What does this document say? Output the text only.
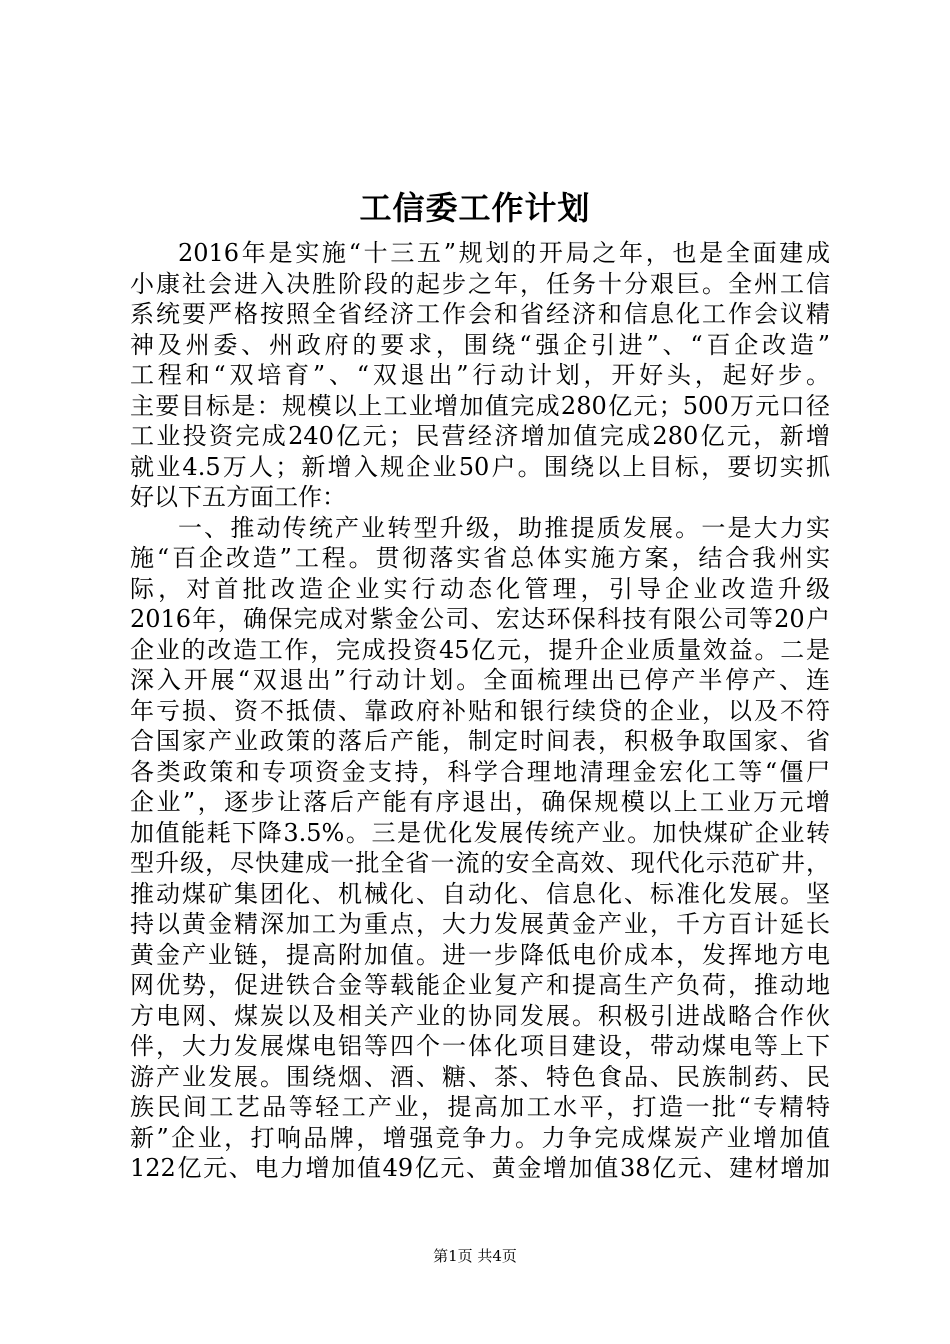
工信委工作计划
2016年是实施“十三五”规划的开局之年，也是全面建成
小康社会进入决胜阶段的起步之年，任务十分艰巨。全州工信
系统要严格按照全省经济工作会和省经济和信息化工作会议精
神及州委、州政府的要求，围绕“强企引进”、“百企改造”
工程和“双培育”、“双退出”行动计划，开好头，起好步。
主要目标是：规模以上工业增加值完成280亿元；500万元口径
工业投资完成240亿元；民营经济增加值完成280亿元，新增
就业4.5万人；新增入规企业50户。围绕以上目标，要切实抓
好以下五方面工作：
一、推动传统产业转型升级，助推提质发展。一是大力实
施“百企改造”工程。贯彻落实省总体实施方案，结合我州实
际，对首批改造企业实行动态化管理，引导企业改造升级
2016年，确保完成对紫金公司、宏达环保科技有限公司等20户
企业的改造工作，完成投资45亿元，提升企业质量效益。二是
深入开展“双退出”行动计划。全面梳理出已停产半停产、连
年亏损、资不抵债、靠政府补贴和银行续贷的企业，以及不符
合国家产业政策的落后产能，制定时间表，积极争取国家、省
各类政策和专项资金支持，科学合理地清理金宏化工等“僵尸
企业”，逐步让落后产能有序退出，确保规模以上工业万元增
加值能耗下降3.5%。三是优化发展传统产业。加快煤矿企业转
型升级，尽快建成一批全省一流的安全高效、现代化示范矿井，
推动煤矿集团化、机械化、自动化、信息化、标准化发展。坚
持以黄金精深加工为重点，大力发展黄金产业，千方百计延长
黄金产业链，提高附加值。进一步降低电价成本，发挥地方电
网优势，促进铁合金等载能企业复产和提高生产负荷，推动地
方电网、煤炭以及相关产业的协同发展。积极引进战略合作伙
伴，大力发展煤电铝等四个一体化项目建设，带动煤电等上下
游产业发展。围绕烟、酒、糖、茶、特色食品、民族制药、民
族民间工艺品等轻工产业，提高加工水平，打造一批“专精特
新”企业，打响品牌，增强竞争力。力争完成煤炭产业增加值
122亿元、电力增加值49亿元、黄金增加值38亿元、建材增加
第1页 共4页
